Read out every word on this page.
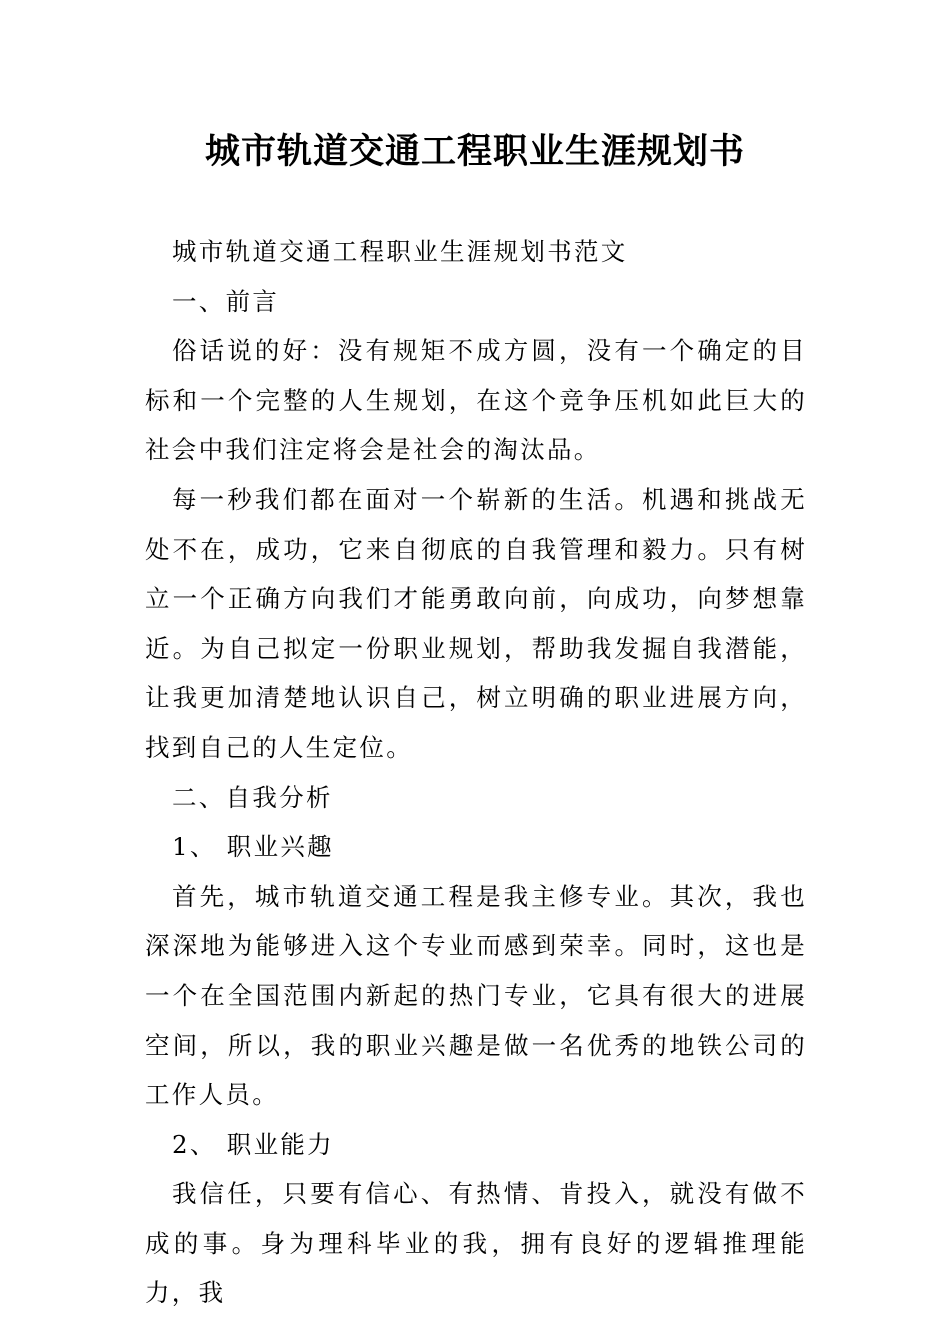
城市轨道交通工程职业生涯规划书

城市轨道交通工程职业生涯规划书范文

一、前言

俗话说的好：没有规矩不成方圆，没有一个确定的目标和一个完整的人生规划，在这个竞争压机如此巨大的社会中我们注定将会是社会的淘汰品。

每一秒我们都在面对一个崭新的生活。机遇和挑战无处不在，成功，它来自彻底的自我管理和毅力。只有树立一个正确方向我们才能勇敢向前，向成功，向梦想靠近。为自己拟定一份职业规划，帮助我发掘自我潜能，让我更加清楚地认识自己，树立明确的职业进展方向，找到自己的人生定位。

二、自我分析

1、 职业兴趣

首先，城市轨道交通工程是我主修专业。其次，我也深深地为能够进入这个专业而感到荣幸。同时，这也是一个在全国范围内新起的热门专业，它具有很大的进展空间，所以，我的职业兴趣是做一名优秀的地铁公司的工作人员。

2、 职业能力

我信任，只要有信心、有热情、肯投入，就没有做不成的事。身为理科毕业的我，拥有良好的逻辑推理能力，我
